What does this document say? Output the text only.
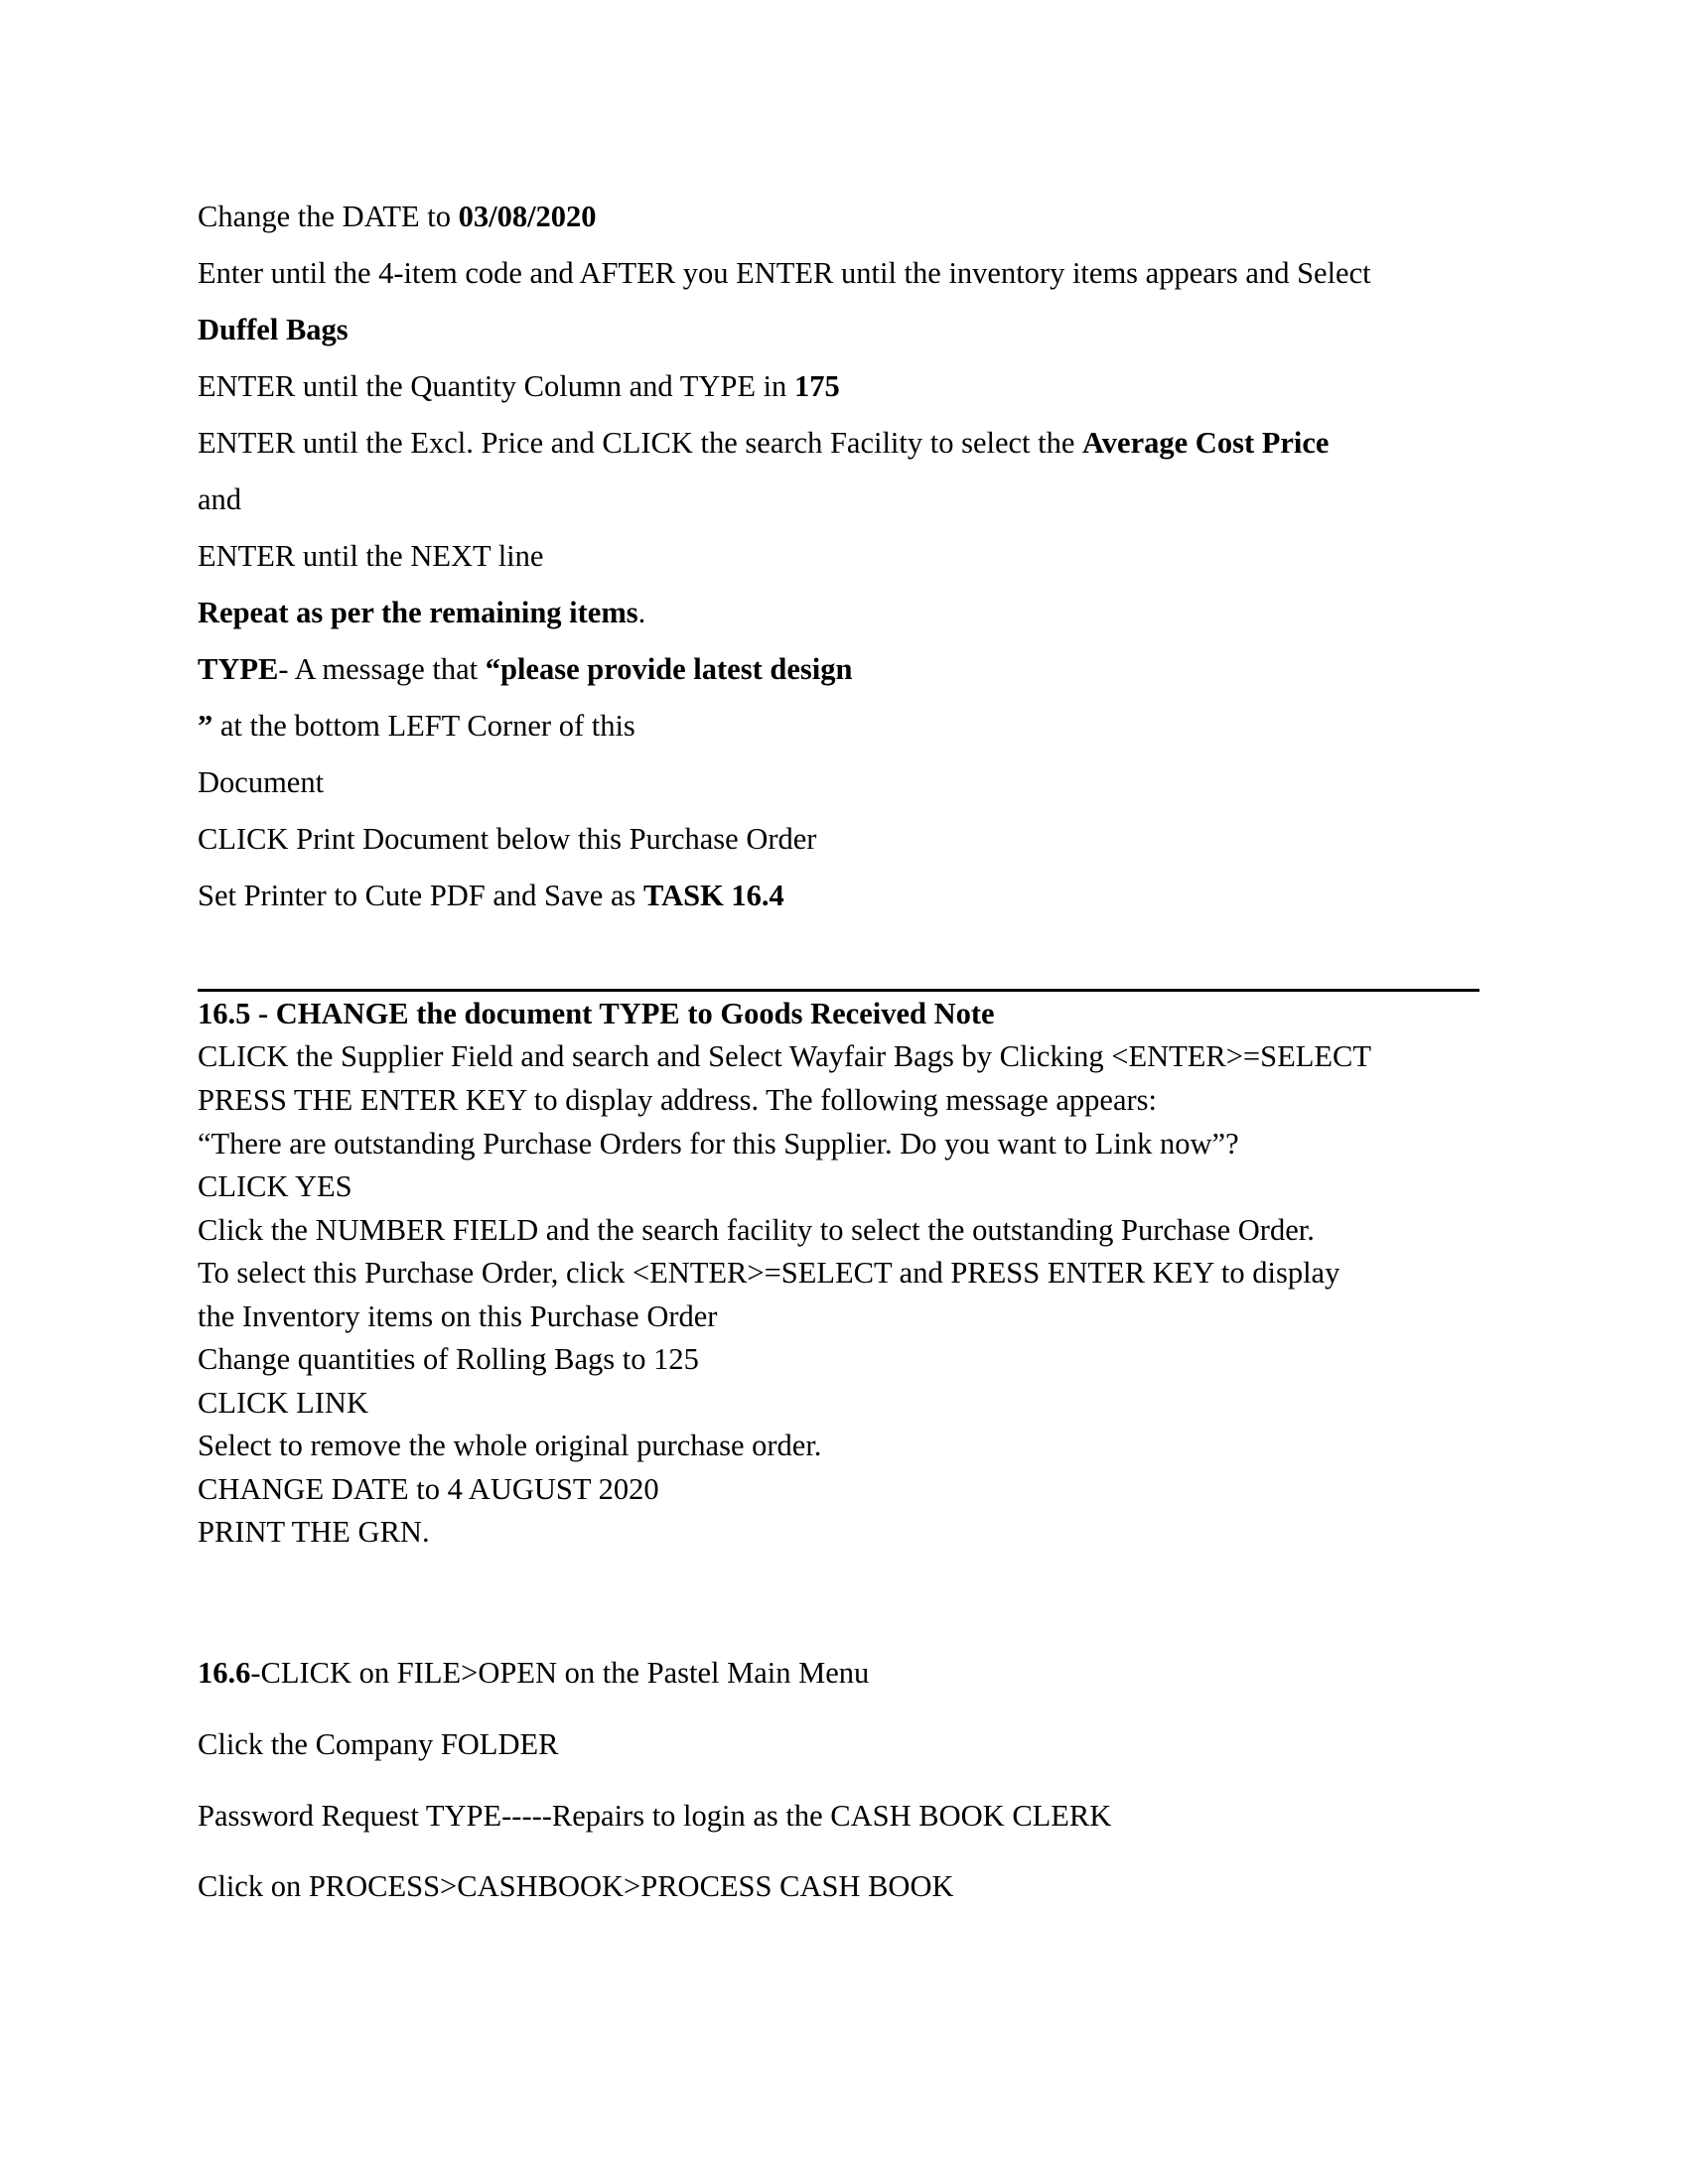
Change the DATE to 03/08/2020
Enter until the 4-item code and AFTER you ENTER until the inventory items appears and Select
Duffel Bags
ENTER until the Quantity Column and TYPE in 175
ENTER until the Excl. Price and CLICK the search Facility to select the Average Cost Price
and
ENTER until the NEXT line
Repeat as per the remaining items.
TYPE- A message that “please provide latest design
” at the bottom LEFT Corner of this
Document
CLICK Print Document below this Purchase Order
Set Printer to Cute PDF and Save as TASK 16.4
16.5 - CHANGE the document TYPE to Goods Received Note
CLICK the Supplier Field and search and Select Wayfair Bags by Clicking <ENTER>=SELECT
PRESS THE ENTER KEY to display address. The following message appears:
“There are outstanding Purchase Orders for this Supplier. Do you want to Link now”?
CLICK YES
Click the NUMBER FIELD and the search facility to select the outstanding Purchase Order.
To select this Purchase Order, click <ENTER>=SELECT and PRESS ENTER KEY to display
the Inventory items on this Purchase Order
Change quantities of Rolling Bags to 125
CLICK LINK
Select to remove the whole original purchase order.
CHANGE DATE to 4 AUGUST 2020
PRINT THE GRN.
16.6-CLICK on FILE>OPEN on the Pastel Main Menu
Click the Company FOLDER
Password Request TYPE-----Repairs to login as the CASH BOOK CLERK
Click on PROCESS>CASHBOOK>PROCESS CASH BOOK
